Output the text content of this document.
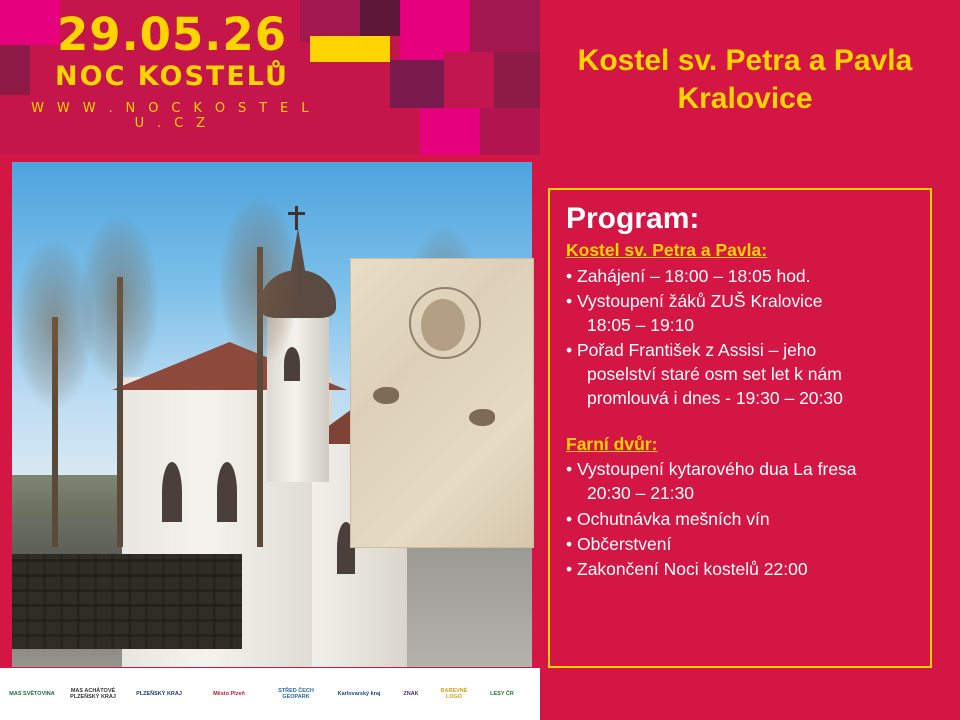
29.05.26
NOC KOSTELŮ
W W W . N O C K O S T E L U . C Z
Kostel sv. Petra a Pavla Kralovice
Program:
Kostel sv. Petra a Pavla:
• Zahájení – 18:00 – 18:05 hod.
• Vystoupení žáků ZUŠ Kralovice
18:05 – 19:10
• Pořad František z Assisi – jeho
poselství staré osm set let k nám
promlouvá i dnes - 19:30 – 20:30
Farní dvůr:
• Vystoupení kytarového dua La fresa
20:30 – 21:30
• Ochutnávka mešních vín
• Občerstvení
• Zakončení Noci kostelů 22:00
MAS SVĚTOVINA
MAS ACHÁTOVÉ PLZEŇSKÝ KRAJ
PLZEŇSKÝ KRAJ	Město Plzeň
STŘED ČECH GEOPARK
Karlovarský kraj	ZNAK
BAREVNÉ LOGO
LESY ČR
